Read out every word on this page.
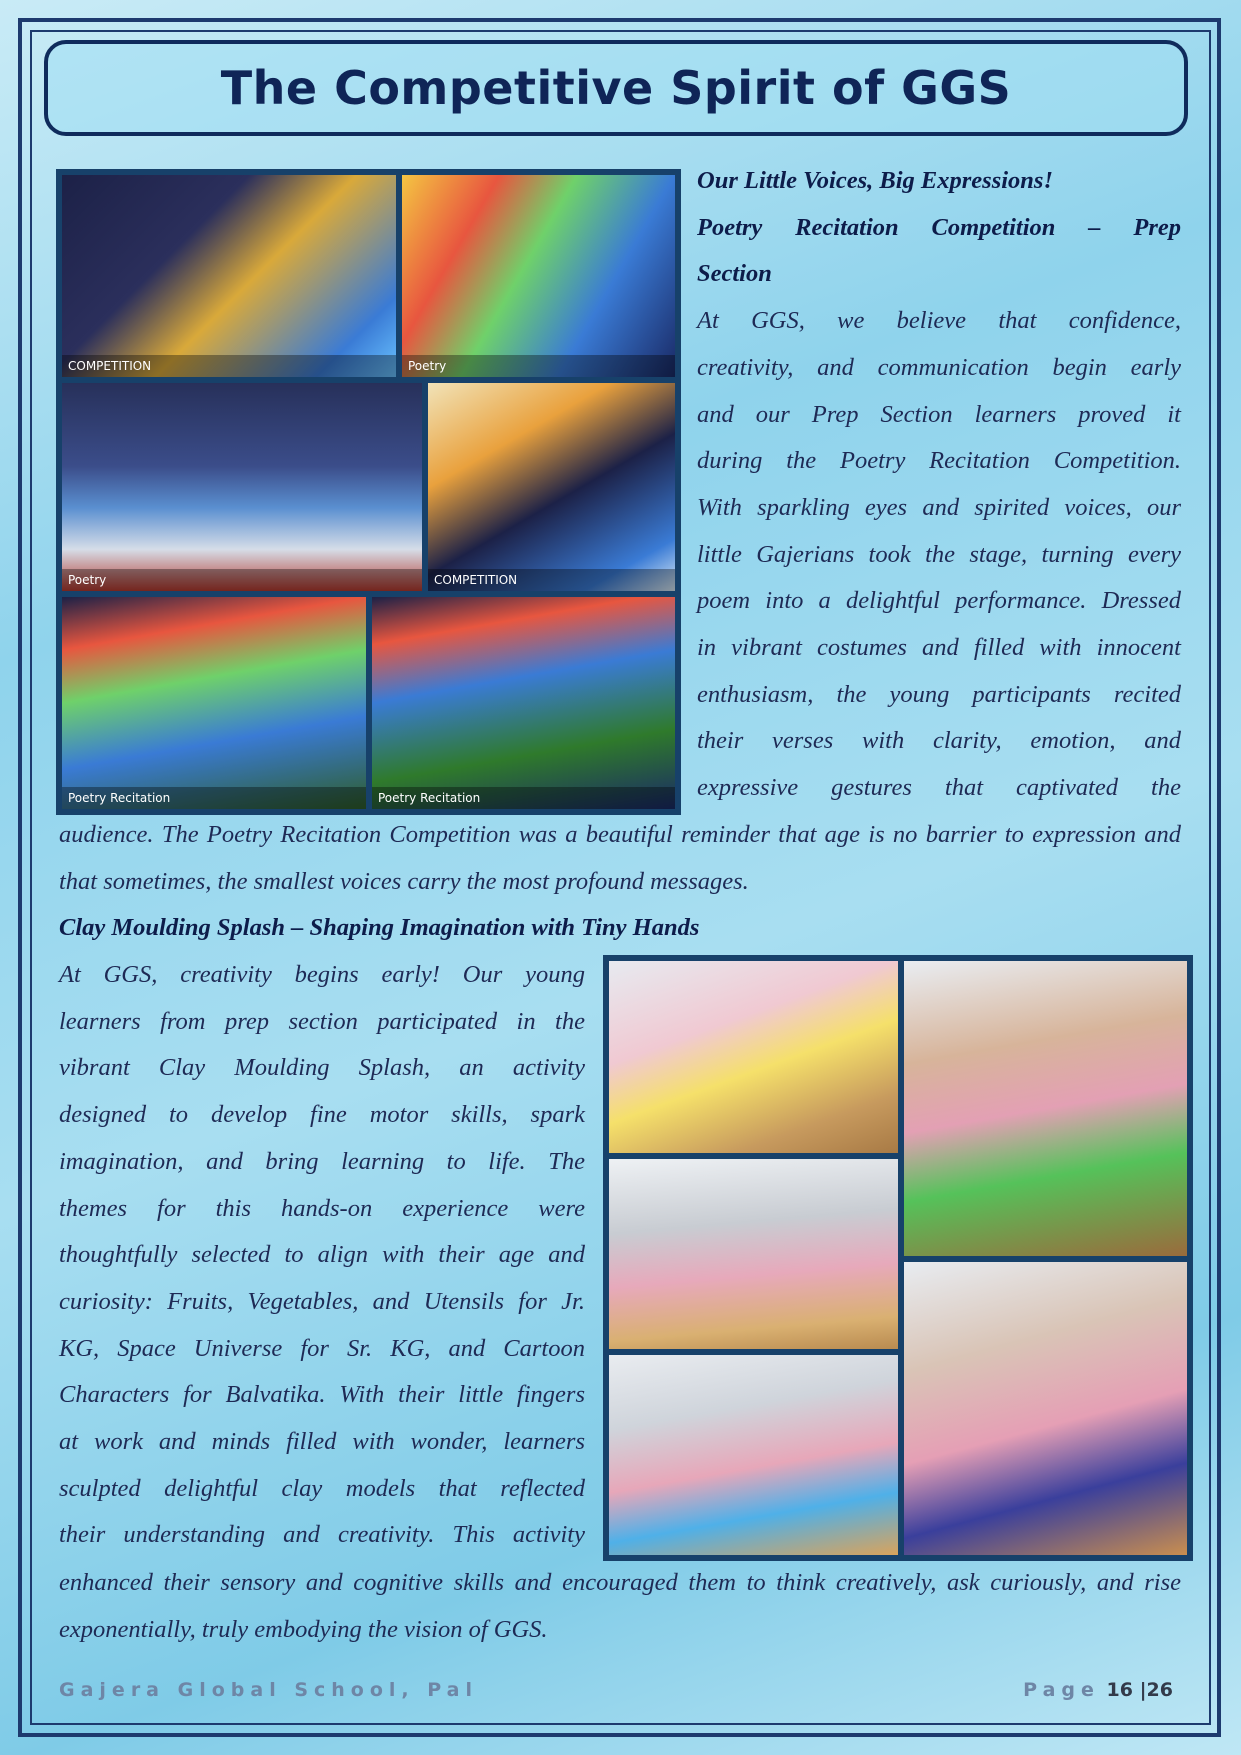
The Competitive Spirit of GGS
COMPETITION	Poetry
Poetry	COMPETITION
Poetry Recitation	Poetry Recitation
Our Little Voices, Big Expressions!
Poetry Recitation Competition – Prep
Section
At GGS, we believe that confidence,
creativity, and communication begin early
and our Prep Section learners proved it
during the Poetry Recitation Competition.
With sparkling eyes and spirited voices, our
little Gajerians took the stage, turning every
poem into a delightful performance. Dressed
in vibrant costumes and filled with innocent
enthusiasm, the young participants recited
their verses with clarity, emotion, and
expressive gestures that captivated the

audience. The Poetry Recitation Competition was a beautiful reminder that age is no barrier to expression and that sometimes, the smallest voices carry the most profound messages.

Clay Moulding Splash – Shaping Imagination with Tiny Hands
At GGS, creativity begins early! Our young
learners from prep section participated in the
vibrant Clay Moulding Splash, an activity
designed to develop fine motor skills, spark
imagination, and bring learning to life. The
themes for this hands-on experience were
thoughtfully selected to align with their age and
curiosity: Fruits, Vegetables, and Utensils for Jr.
KG, Space Universe for Sr. KG, and Cartoon
Characters for Balvatika. With their little fingers
at work and minds filled with wonder, learners
sculpted delightful clay models that reflected
their understanding and creativity. This activity

enhanced their sensory and cognitive skills and encouraged them to think creatively, ask curiously, and rise exponentially, truly embodying the vision of GGS.

Gajera Global School, Pal	Page 16 |26
